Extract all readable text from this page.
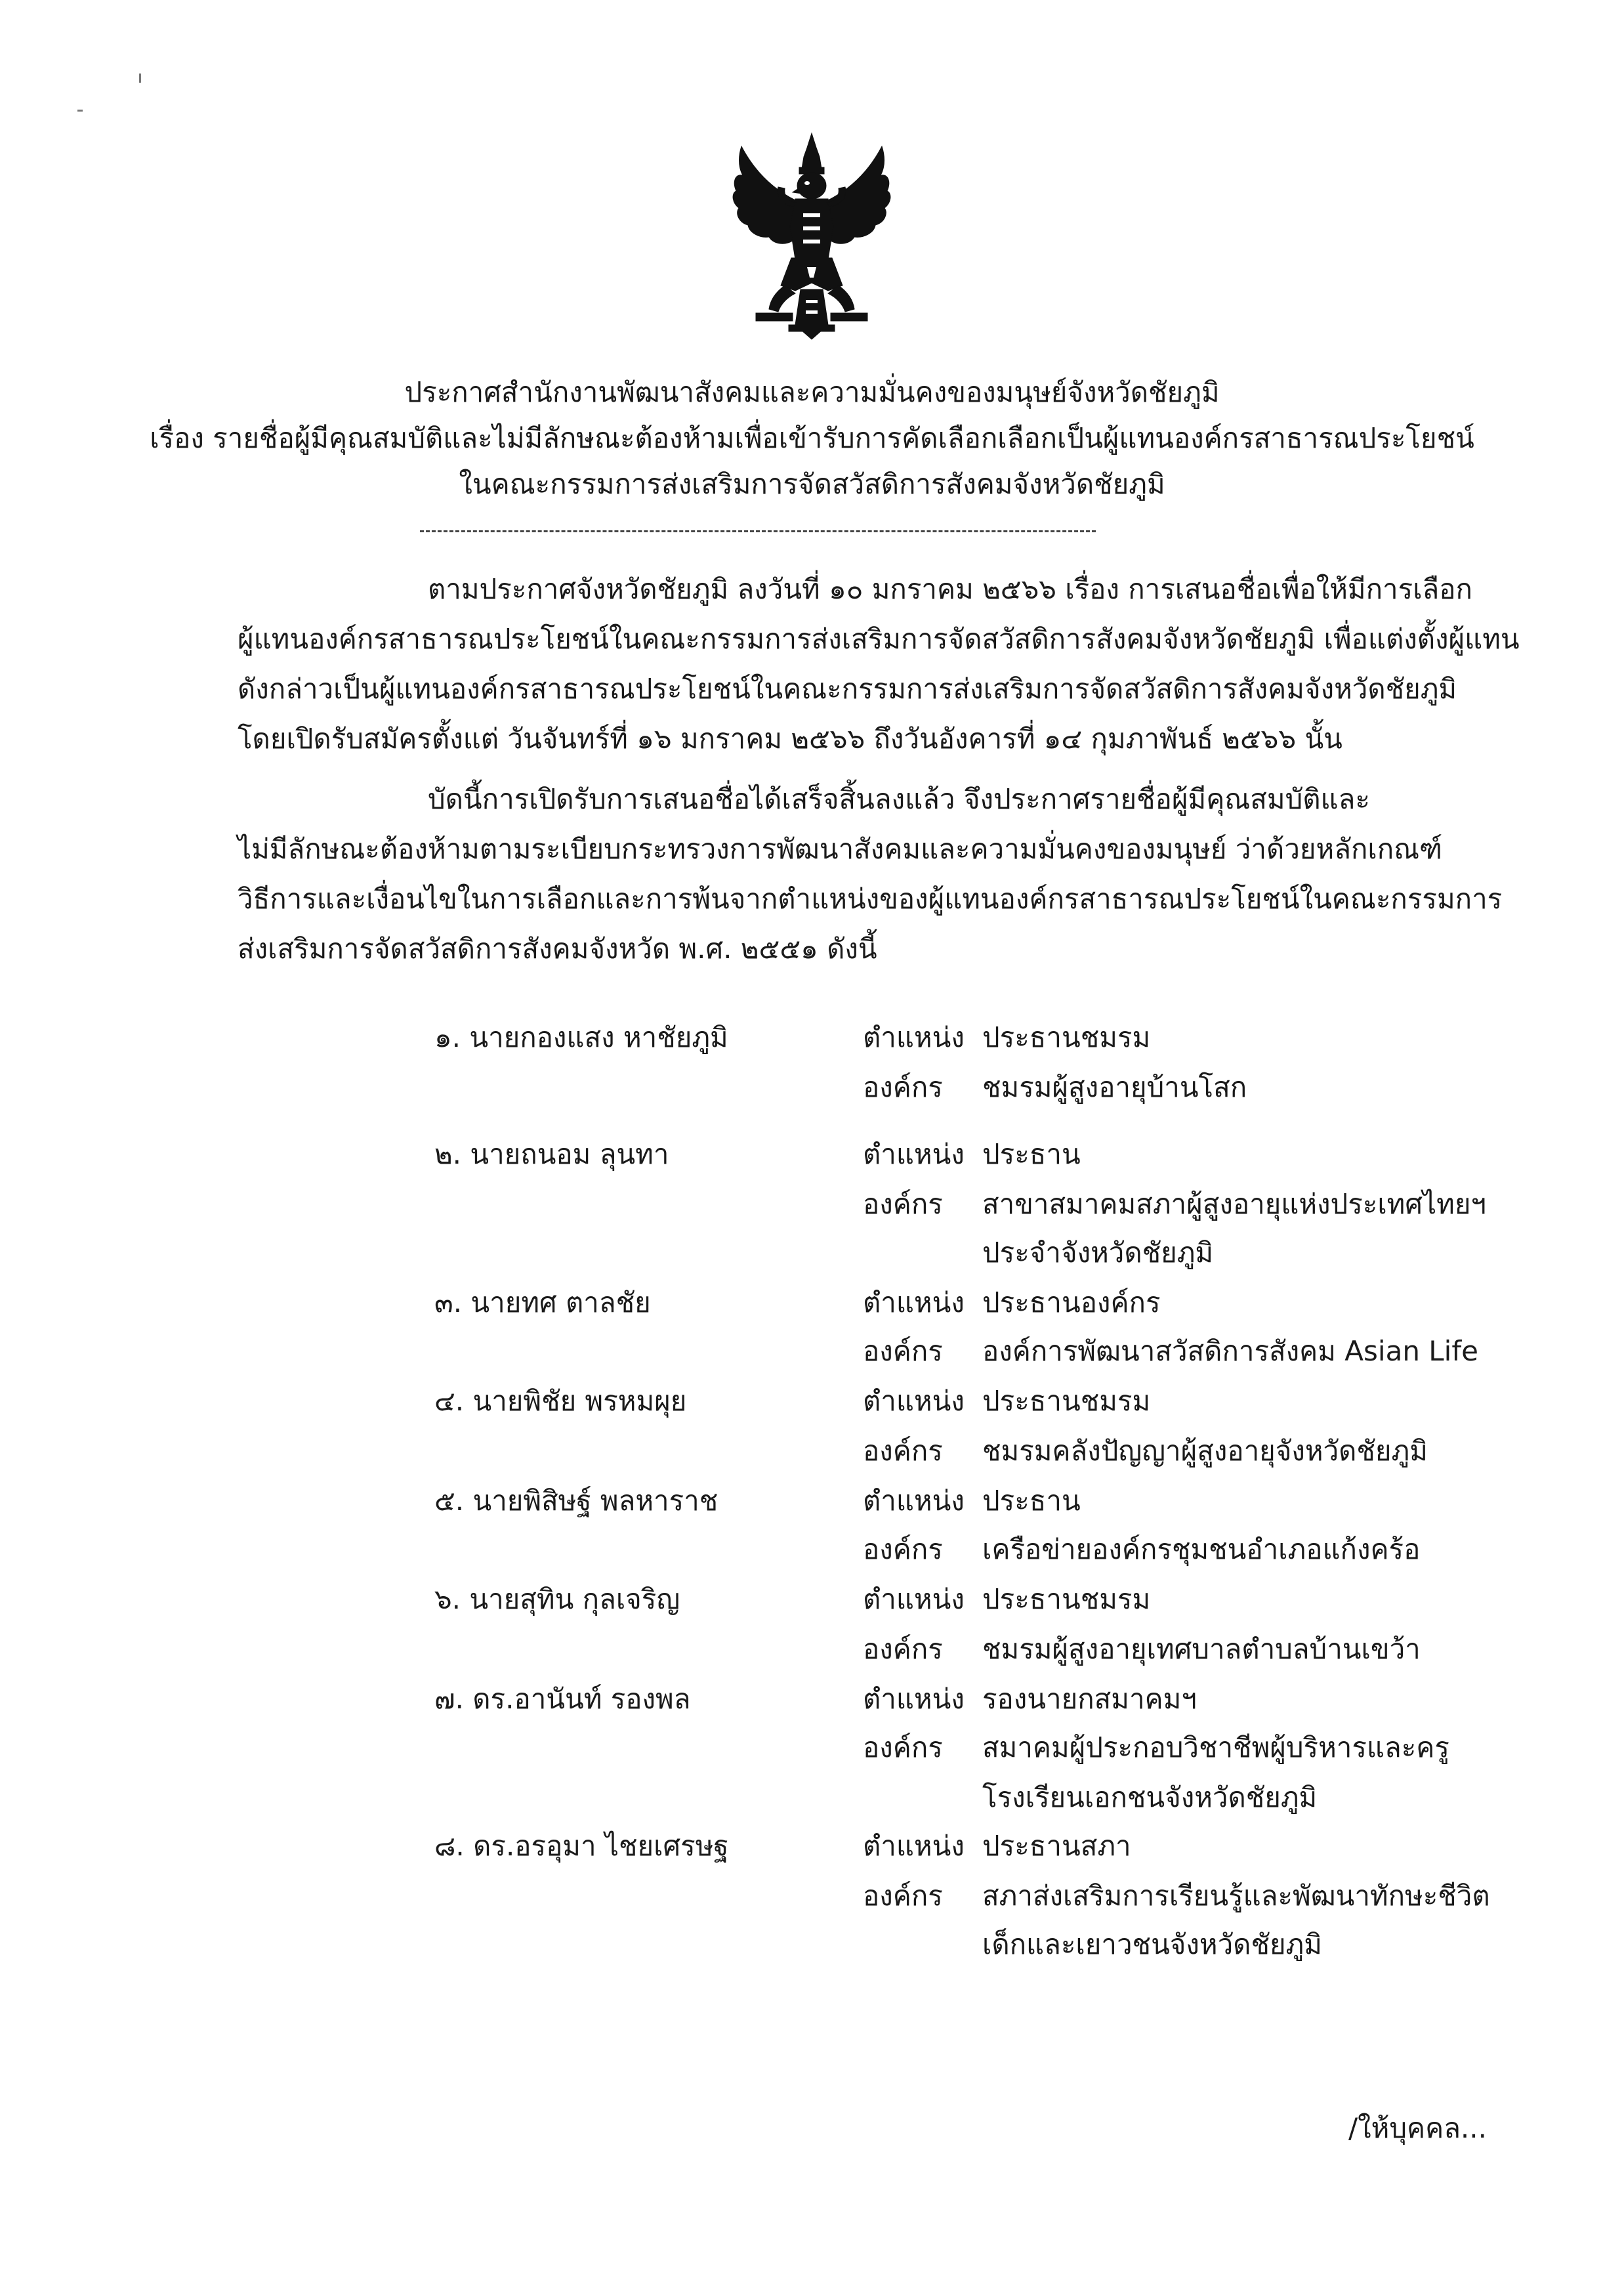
ประกาศสำนักงานพัฒนาสังคมและความมั่นคงของมนุษย์จังหวัดชัยภูมิ
เรื่อง รายชื่อผู้มีคุณสมบัติและไม่มีลักษณะต้องห้ามเพื่อเข้ารับการคัดเลือกเลือกเป็นผู้แทนองค์กรสาธารณประโยชน์
ในคณะกรรมการส่งเสริมการจัดสวัสดิการสังคมจังหวัดชัยภูมิ
ตามประกาศจังหวัดชัยภูมิ ลงวันที่ ๑๐ มกราคม ๒๕๖๖ เรื่อง การเสนอชื่อเพื่อให้มีการเลือก
ผู้แทนองค์กรสาธารณประโยชน์ในคณะกรรมการส่งเสริมการจัดสวัสดิการสังคมจังหวัดชัยภูมิ เพื่อแต่งตั้งผู้แทน
ดังกล่าวเป็นผู้แทนองค์กรสาธารณประโยชน์ในคณะกรรมการส่งเสริมการจัดสวัสดิการสังคมจังหวัดชัยภูมิ
โดยเปิดรับสมัครตั้งแต่ วันจันทร์ที่ ๑๖ มกราคม ๒๕๖๖ ถึงวันอังคารที่ ๑๔ กุมภาพันธ์ ๒๕๖๖ นั้น
บัดนี้การเปิดรับการเสนอชื่อได้เสร็จสิ้นลงแล้ว จึงประกาศรายชื่อผู้มีคุณสมบัติและ
ไม่มีลักษณะต้องห้ามตามระเบียบกระทรวงการพัฒนาสังคมและความมั่นคงของมนุษย์ ว่าด้วยหลักเกณฑ์
วิธีการและเงื่อนไขในการเลือกและการพ้นจากตำแหน่งของผู้แทนองค์กรสาธารณประโยชน์ในคณะกรรมการ
ส่งเสริมการจัดสวัสดิการสังคมจังหวัด พ.ศ. ๒๕๕๑ ดังนี้
๑. นายกองแสง หาชัยภูมิ	ตำแหน่ง ประธานชมรม
องค์กร ชมรมผู้สูงอายุบ้านโสก
๒. นายถนอม ลุนทา	ตำแหน่ง ประธาน
องค์กร สาขาสมาคมสภาผู้สูงอายุแห่งประเทศไทยฯ
ประจำจังหวัดชัยภูมิ
๓. นายทศ ตาลชัย	ตำแหน่ง ประธานองค์กร
องค์กร องค์การพัฒนาสวัสดิการสังคม Asian Life
๔. นายพิชัย พรหมผุย	ตำแหน่ง ประธานชมรม
องค์กร ชมรมคลังปัญญาผู้สูงอายุจังหวัดชัยภูมิ
๕. นายพิสิษฐ์ พลหาราช	ตำแหน่ง ประธาน
องค์กร เครือข่ายองค์กรชุมชนอำเภอแก้งคร้อ
๖. นายสุทิน กุลเจริญ	ตำแหน่ง ประธานชมรม
องค์กร ชมรมผู้สูงอายุเทศบาลตำบลบ้านเขว้า
๗. ดร.อานันท์ รองพล	ตำแหน่ง รองนายกสมาคมฯ
องค์กร สมาคมผู้ประกอบวิชาชีพผู้บริหารและครู
โรงเรียนเอกชนจังหวัดชัยภูมิ
๘. ดร.อรอุมา ไชยเศรษฐ	ตำแหน่ง ประธานสภา
องค์กร สภาส่งเสริมการเรียนรู้และพัฒนาทักษะชีวิต
เด็กและเยาวชนจังหวัดชัยภูมิ
/ให้บุคคล...
